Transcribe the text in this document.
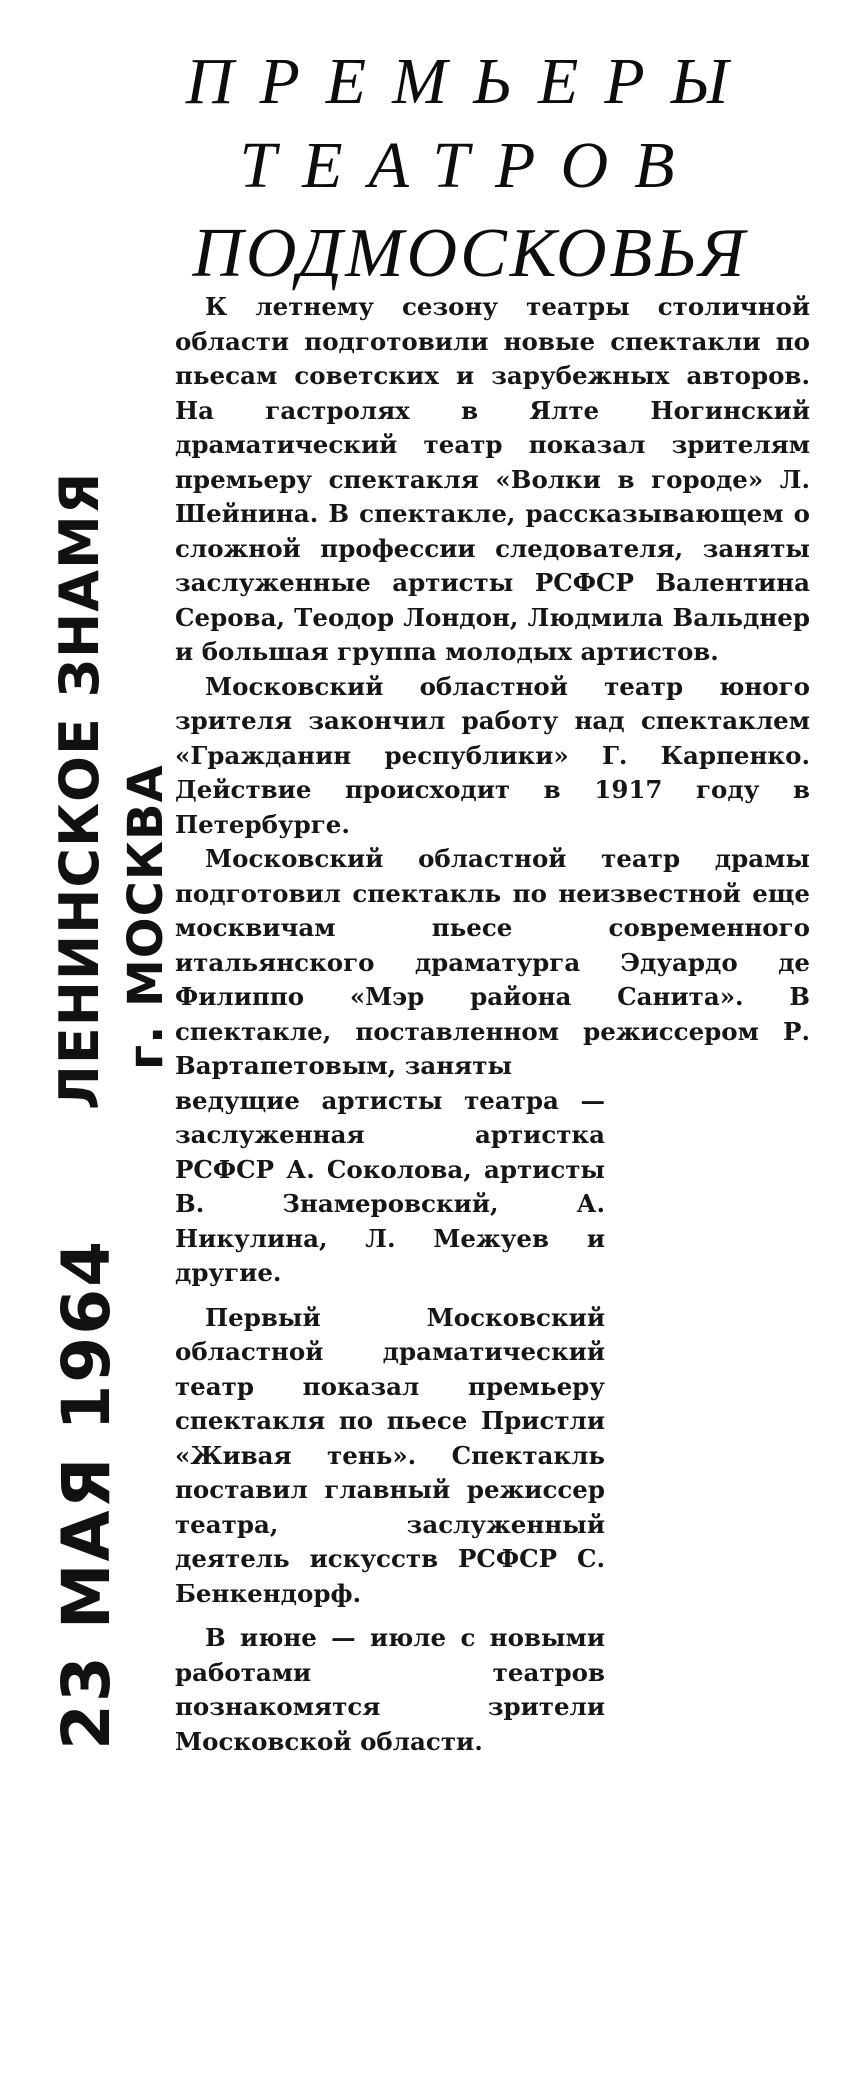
ПРЕМЬЕРЫ
ТЕАТРОВ
ПОДМОСКОВЬЯ
ЛЕНИНСКОЕ ЗНАМЯ г. МОСКВА
23 МАЯ 1964

К летнему сезону театры столичной области подготовили новые спектакли по пьесам советских и зарубежных авторов. На гастролях в Ялте Ногинский драматический театр показал зрителям премьеру спектакля «Волки в городе» Л. Шейнина. В спектакле, рассказывающем о сложной профессии следователя, заняты заслуженные артисты РСФСР Валентина Серова, Теодор Лондон, Людмила Вальднер и большая группа молодых артистов.

Московский областной театр юного зрителя закончил работу над спектаклем «Гражданин республики» Г. Карпенко. Действие происходит в 1917 году в Петербурге.

Московский областной театр драмы подготовил спектакль по неизвестной еще москвичам пьесе современного итальянского драматурга Эдуардо де Филиппо «Мэр района Санита». В спектакле, поставленном режиссером Р. Вартапетовым, заняты

ведущие артисты театра — заслуженная артистка РСФСР А. Соколова, артисты В. Знамеровский, А. Никулина, Л. Межуев и другие.

Первый Московский областной драматический театр показал премьеру спектакля по пьесе Пристли «Живая тень». Спектакль поставил главный режиссер театра, заслуженный деятель искусств РСФСР С. Бенкендорф.

В июне — июле с новыми работами театров познакомятся зрители Московской области.
